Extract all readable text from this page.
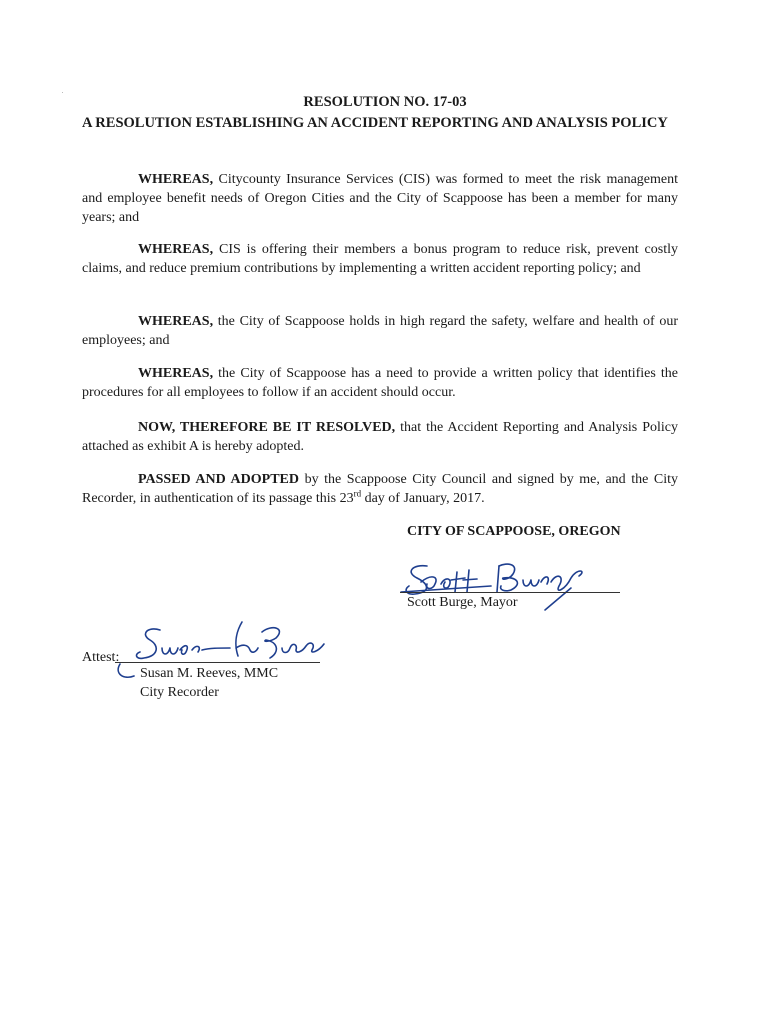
RESOLUTION NO. 17-03
A RESOLUTION ESTABLISHING AN ACCIDENT REPORTING AND ANALYSIS POLICY
WHEREAS, Citycounty Insurance Services (CIS) was formed to meet the risk management and employee benefit needs of Oregon Cities and the City of Scappoose has been a member for many years; and
WHEREAS, CIS is offering their members a bonus program to reduce risk, prevent costly claims, and reduce premium contributions by implementing a written accident reporting policy; and
WHEREAS, the City of Scappoose holds in high regard the safety, welfare and health of our employees; and
WHEREAS, the City of Scappoose has a need to provide a written policy that identifies the procedures for all employees to follow if an accident should occur.
NOW, THEREFORE BE IT RESOLVED, that the Accident Reporting and Analysis Policy attached as exhibit A is hereby adopted.
PASSED AND ADOPTED by the Scappoose City Council and signed by me, and the City Recorder, in authentication of its passage this 23rd day of January, 2017.
CITY OF SCAPPOOSE, OREGON
Scott Burge, Mayor
Attest:
Susan M. Reeves, MMC
City Recorder
